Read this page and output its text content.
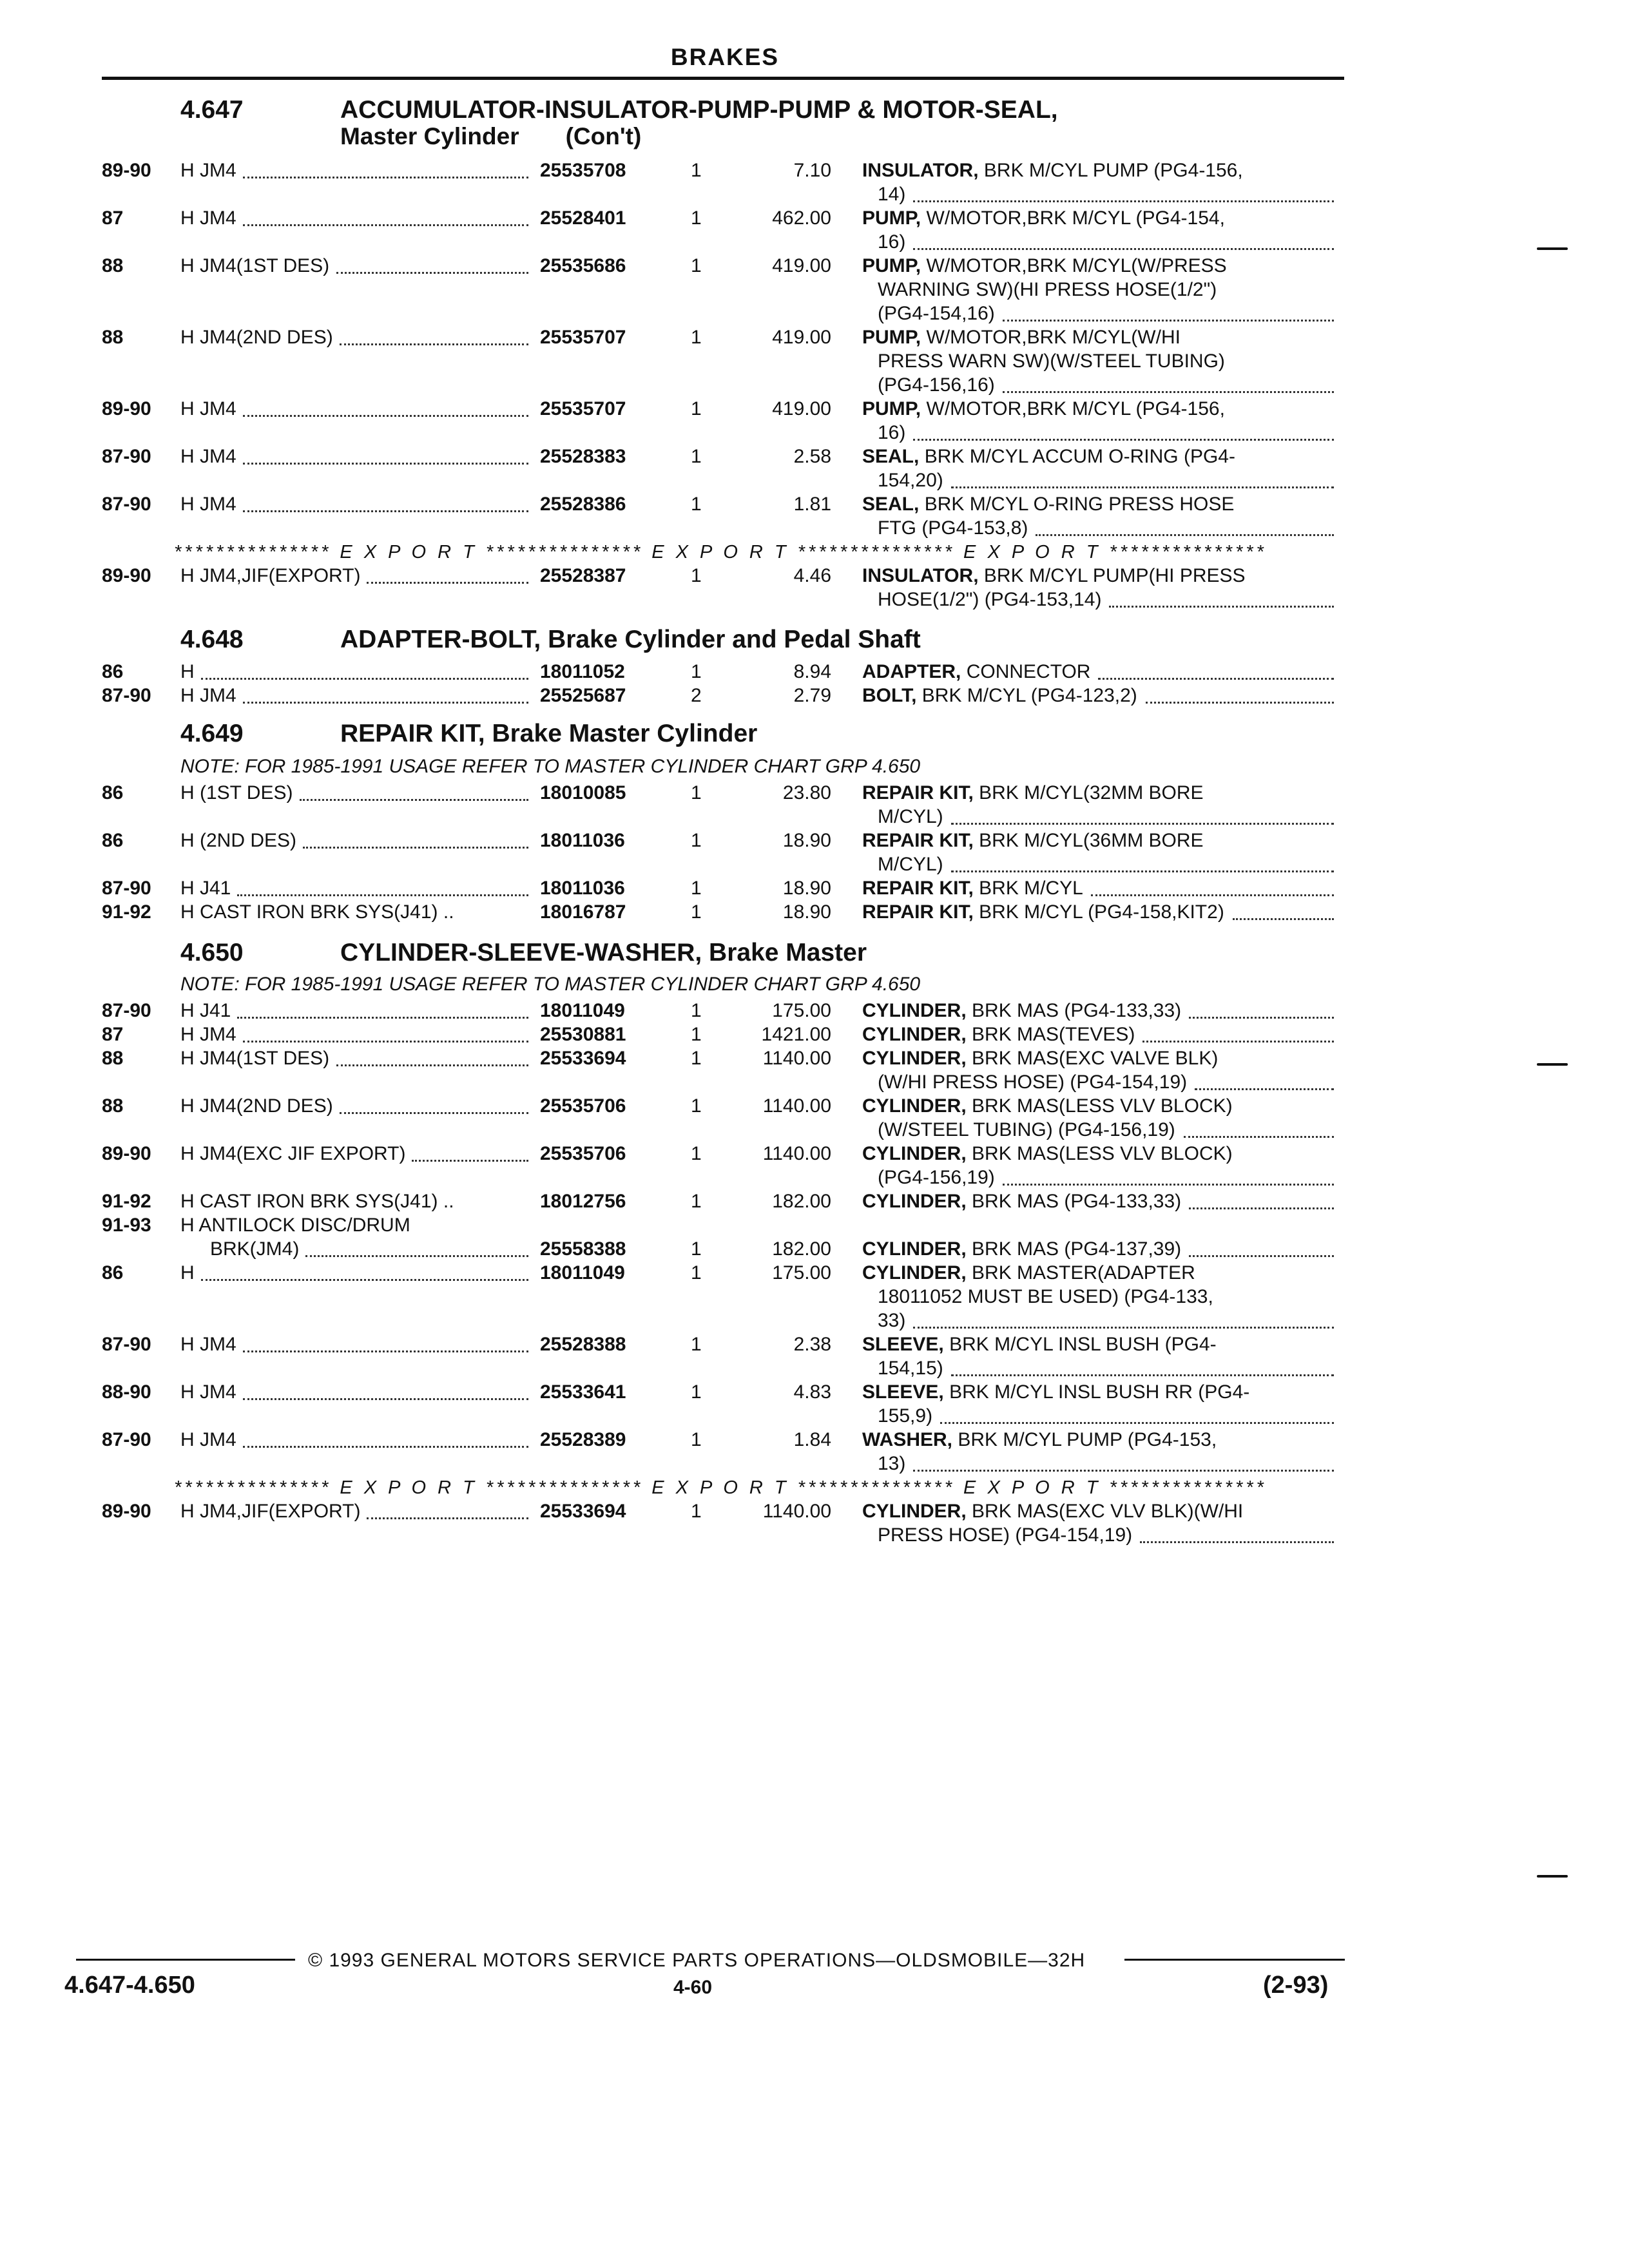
BRAKES
4.647	ACCUMULATOR-INSULATOR-PUMP-PUMP & MOTOR-SEAL,
Master Cylinder (Con't)
89-90	H JM4	25535708	1	7.10 INSULATOR, BRK M/CYL PUMP (PG4-156,
14)
87	H JM4	25528401	1	462.00 PUMP, W/MOTOR,BRK M/CYL (PG4-154,
16)
88	H JM4(1ST DES)	25535686	1	419.00 PUMP, W/MOTOR,BRK M/CYL(W/PRESS
WARNING SW)(HI PRESS HOSE(1/2")
(PG4-154,16)
88	H JM4(2ND DES)	25535707	1	419.00 PUMP, W/MOTOR,BRK M/CYL(W/HI
PRESS WARN SW)(W/STEEL TUBING)
(PG4-156,16)
89-90	H JM4	25535707	1	419.00 PUMP, W/MOTOR,BRK M/CYL (PG4-156,
16)
87-90	H JM4	25528383	1	2.58 SEAL, BRK M/CYL ACCUM O-RING (PG4-
154,20)
87-90	H JM4	25528386	1	1.81 SEAL, BRK M/CYL O-RING PRESS HOSE
FTG (PG4-153,8)
*************** E X P O R T *************** E X P O R T *************** E X P O R T ***************
89-90	H JM4,JIF(EXPORT)	25528387	1	4.46 INSULATOR, BRK M/CYL PUMP(HI PRESS
HOSE(1/2") (PG4-153,14)
4.648	ADAPTER-BOLT, Brake Cylinder and Pedal Shaft
86	H	18011052	1	8.94 ADAPTER, CONNECTOR
87-90	H JM4	25525687	2	2.79 BOLT, BRK M/CYL (PG4-123,2)
4.649	REPAIR KIT, Brake Master Cylinder
NOTE: FOR 1985-1991 USAGE REFER TO MASTER CYLINDER CHART GRP 4.650
86	H (1ST DES)	18010085	1	23.80 REPAIR KIT, BRK M/CYL(32MM BORE
M/CYL)
86	H (2ND DES)	18011036	1	18.90 REPAIR KIT, BRK M/CYL(36MM BORE
M/CYL)
87-90	H J41	18011036	1	18.90 REPAIR KIT, BRK M/CYL
91-92	H CAST IRON BRK SYS(J41) ..	18016787	1	18.90 REPAIR KIT, BRK M/CYL (PG4-158,KIT2)
4.650	CYLINDER-SLEEVE-WASHER, Brake Master
NOTE: FOR 1985-1991 USAGE REFER TO MASTER CYLINDER CHART GRP 4.650
87-90	H J41	18011049	1	175.00 CYLINDER, BRK MAS (PG4-133,33)
87	H JM4	25530881	1	1421.00 CYLINDER, BRK MAS(TEVES)
88	H JM4(1ST DES)	25533694	1	1140.00 CYLINDER, BRK MAS(EXC VALVE BLK)
(W/HI PRESS HOSE) (PG4-154,19)
88	H JM4(2ND DES)	25535706	1	1140.00 CYLINDER, BRK MAS(LESS VLV BLOCK)
(W/STEEL TUBING) (PG4-156,19)
89-90	H JM4(EXC JIF EXPORT)	25535706	1	1140.00 CYLINDER, BRK MAS(LESS VLV BLOCK)
(PG4-156,19)
91-92	H CAST IRON BRK SYS(J41) ..	18012756	1	182.00 CYLINDER, BRK MAS (PG4-133,33)
91-93	H ANTILOCK DISC/DRUM
BRK(JM4)	25558388	1	182.00 CYLINDER, BRK MAS (PG4-137,39)
86	H	18011049	1	175.00 CYLINDER, BRK MASTER(ADAPTER
18011052 MUST BE USED) (PG4-133,
33)
87-90	H JM4	25528388	1	2.38 SLEEVE, BRK M/CYL INSL BUSH (PG4-
154,15)
88-90	H JM4	25533641	1	4.83 SLEEVE, BRK M/CYL INSL BUSH RR (PG4-
155,9)
87-90	H JM4	25528389	1	1.84 WASHER, BRK M/CYL PUMP (PG4-153,
13)
*************** E X P O R T *************** E X P O R T *************** E X P O R T ***************
89-90	H JM4,JIF(EXPORT)	25533694	1	1140.00 CYLINDER, BRK MAS(EXC VLV BLK)(W/HI
PRESS HOSE) (PG4-154,19)
© 1993 GENERAL MOTORS SERVICE PARTS OPERATIONS—OLDSMOBILE—32H
4.647-4.650	4-60	(2-93)
